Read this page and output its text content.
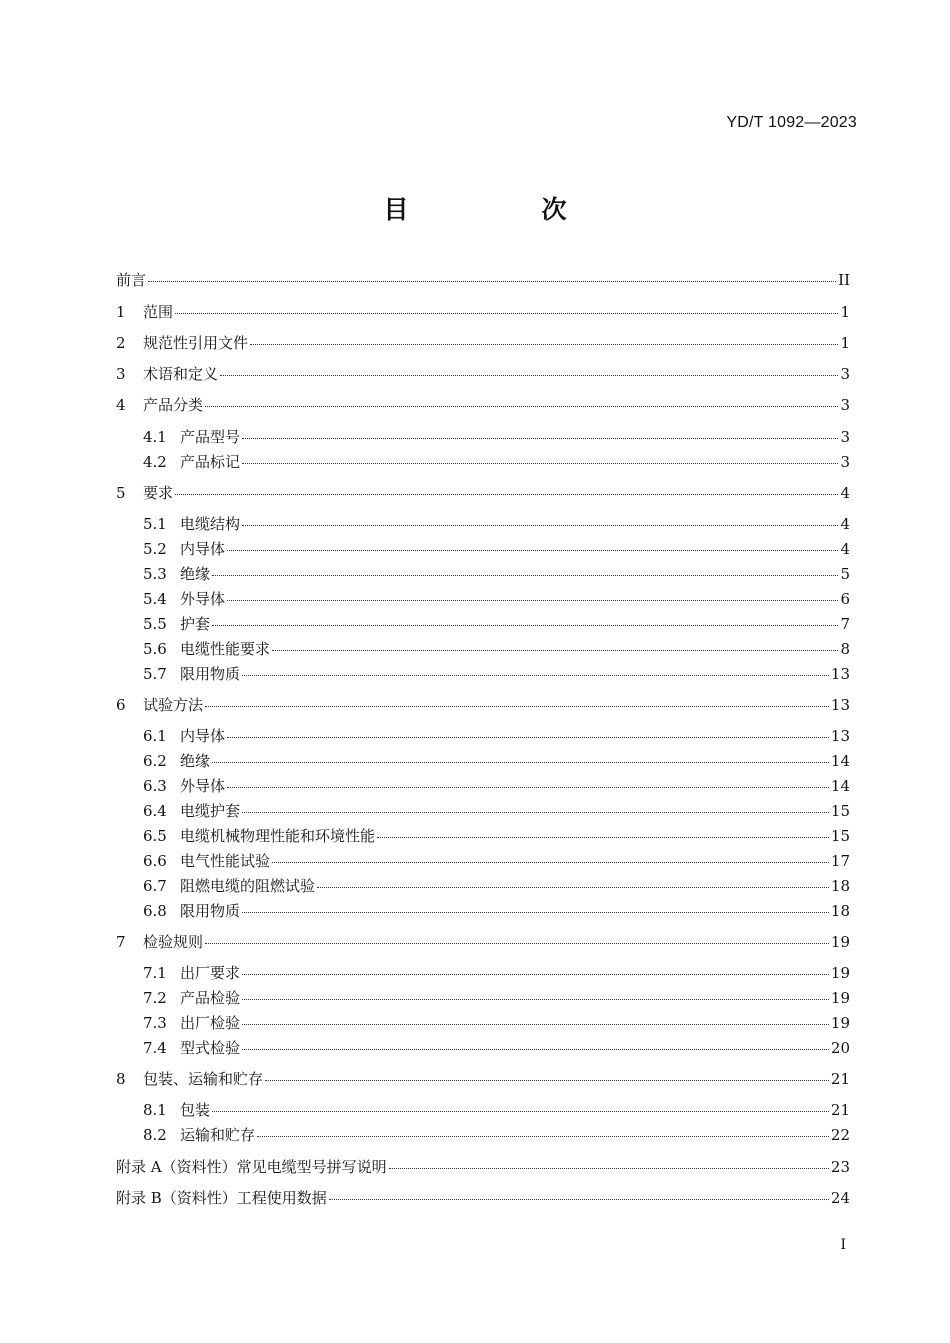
YD/T 1092—2023
目　次
前言	II
1	范围	1
2	规范性引用文件	1
3	术语和定义	3
4	产品分类	3
4.1 产品型号	3
4.2 产品标记	3
5	要求	4
5.1 电缆结构	4
5.2 内导体	4
5.3 绝缘	5
5.4 外导体	6
5.5 护套	7
5.6 电缆性能要求	8
5.7 限用物质	13
6	试验方法	13
6.1 内导体	13
6.2 绝缘	14
6.3 外导体	14
6.4 电缆护套	15
6.5 电缆机械物理性能和环境性能	15
6.6 电气性能试验	17
6.7 阻燃电缆的阻燃试验	18
6.8 限用物质	18
7	检验规则	19
7.1 出厂要求	19
7.2 产品检验	19
7.3 出厂检验	19
7.4 型式检验	20
8	包装、运输和贮存	21
8.1 包装	21
8.2 运输和贮存	22
附录 A（资料性）常见电缆型号拼写说明	23
附录 B（资料性）工程使用数据	24
I
